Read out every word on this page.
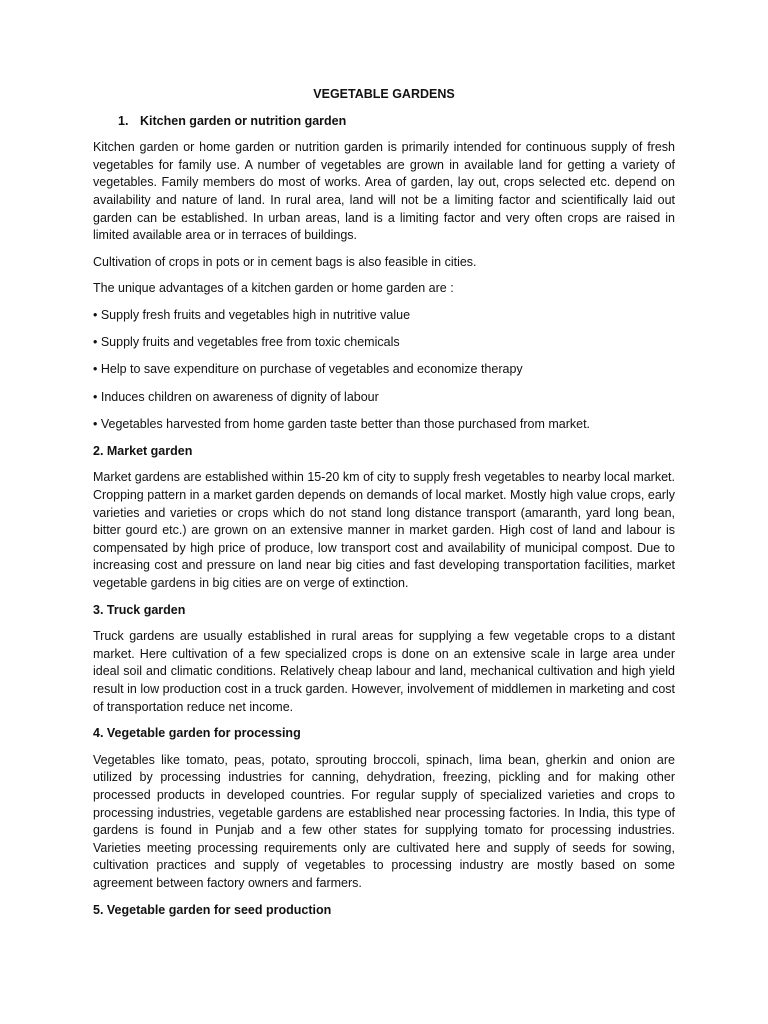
VEGETABLE GARDENS
1. Kitchen garden or nutrition garden
Kitchen garden or home garden or nutrition garden is primarily intended for continuous supply of fresh vegetables for family use. A number of vegetables are grown in available land for getting a variety of vegetables. Family members do most of works. Area of garden, lay out, crops selected etc. depend on availability and nature of land. In rural area, land will not be a limiting factor and scientifically laid out garden can be established. In urban areas, land is a limiting factor and very often crops are raised in limited available area or in terraces of buildings.
Cultivation of crops in pots or in cement bags is also feasible in cities.
The unique advantages of a kitchen garden or home garden are :
• Supply fresh fruits and vegetables high in nutritive value
• Supply fruits and vegetables free from toxic chemicals
• Help to save expenditure on purchase of vegetables and economize therapy
• Induces children on awareness of dignity of labour
• Vegetables harvested from home garden taste better than those purchased from market.
2. Market garden
Market gardens are established within 15-20 km of city to supply fresh vegetables to nearby local market. Cropping pattern in a market garden depends on demands of local market. Mostly high value crops, early varieties and varieties or crops which do not stand long distance transport (amaranth, yard long bean, bitter gourd etc.) are grown on an extensive manner in market garden. High cost of land and labour is compensated by high price of produce, low transport cost and availability of municipal compost. Due to increasing cost and pressure on land near big cities and fast developing transportation facilities, market vegetable gardens in big cities are on verge of extinction.
3. Truck garden
Truck gardens are usually established in rural areas for supplying a few vegetable crops to a distant market. Here cultivation of a few specialized crops is done on an extensive scale in large area under ideal soil and climatic conditions. Relatively cheap labour and land, mechanical cultivation and high yield result in low production cost in a truck garden. However, involvement of middlemen in marketing and cost of transportation reduce net income.
4. Vegetable garden for processing
Vegetables like tomato, peas, potato, sprouting broccoli, spinach, lima bean, gherkin and onion are utilized by processing industries for canning, dehydration, freezing, pickling and for making other processed products in developed countries. For regular supply of specialized varieties and crops to processing industries, vegetable gardens are established near processing factories. In India, this type of gardens is found in Punjab and a few other states for supplying tomato for processing industries. Varieties meeting processing requirements only are cultivated here and supply of seeds for sowing, cultivation practices and supply of vegetables to processing industry are mostly based on some agreement between factory owners and farmers.
5. Vegetable garden for seed production
